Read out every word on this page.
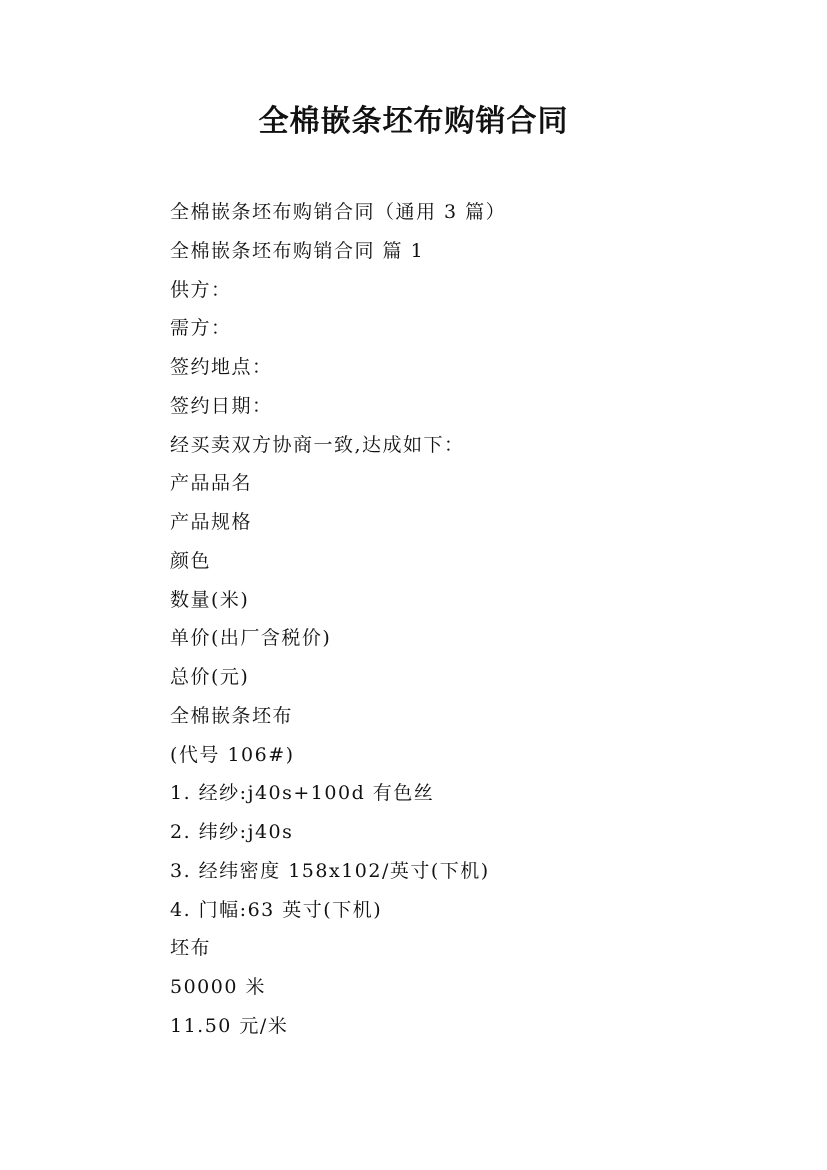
全棉嵌条坯布购销合同
全棉嵌条坯布购销合同（通用 3 篇）
全棉嵌条坯布购销合同 篇 1
供方：
需方：
签约地点：
签约日期：
经买卖双方协商一致,达成如下：
产品品名
产品规格
颜色
数量(米)
单价(出厂含税价)
总价(元)
全棉嵌条坯布
(代号 106#)
1. 经纱:j40s+100d 有色丝
2. 纬纱:j40s
3. 经纬密度 158x102/英寸(下机)
4. 门幅:63 英寸(下机)
坯布
50000 米
11.50 元/米
